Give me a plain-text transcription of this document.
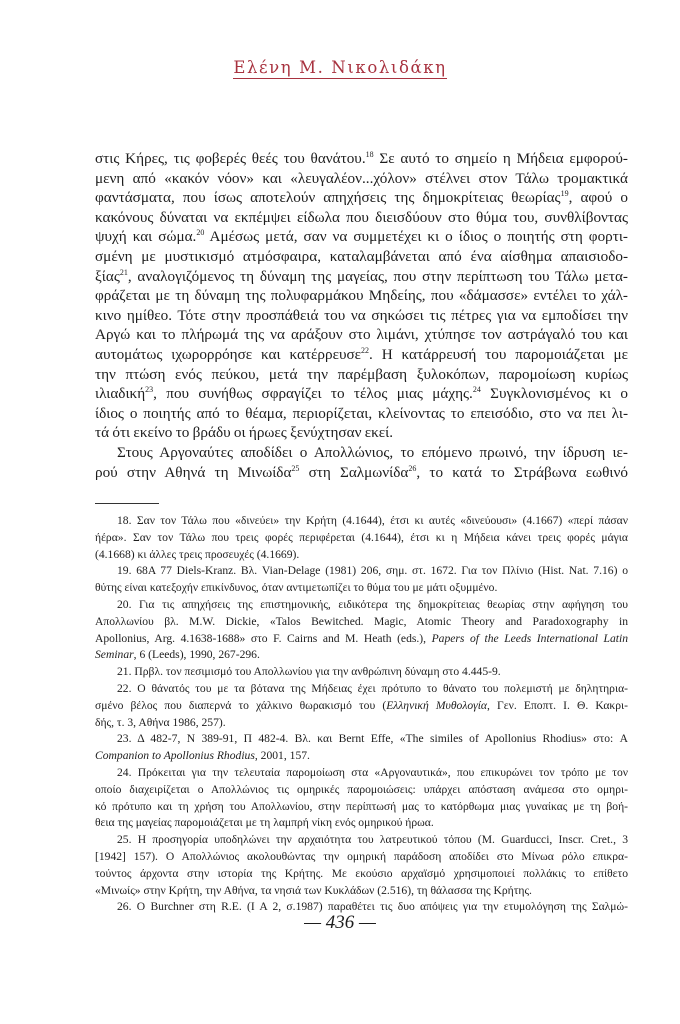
Ελένη Μ. Νικολιδάκη
στις Κήρες, τις φοβερές θεές του θανάτου.$^{18}$ Σε αυτό το σημείο η Μήδεια εμφορού-
μενη από «κακόν νόον» και «λευγαλέον...χόλον» στέλνει στον Τάλω τρομακτικά
φαντάσματα, που ίσως αποτελούν απηχήσεις της δημοκρίτειας θεωρίας$^{19}$, αφού ο
κακόνους δύναται να εκπέμψει είδωλα που διεισδύουν στο θύμα του, συνθλίβοντας
ψυχή και σώμα.$^{20}$ Αμέσως μετά, σαν να συμμετέχει κι ο ίδιος ο ποιητής στη φορτι-
σμένη με μυστικισμό ατμόσφαιρα, καταλαμβάνεται από ένα αίσθημα απαισιοδο-
ξίας$^{21}$, αναλογιζόμενος τη δύναμη της μαγείας, που στην περίπτωση του Τάλω μετα-
φράζεται με τη δύναμη της πολυφαρμάκου Μηδείης, που «δάμασσε» εντέλει το χάλ-
κινο ημίθεο. Τότε στην προσπάθειά του να σηκώσει τις πέτρες για να εμποδίσει την
Αργώ και το πλήρωμά της να αράξουν στο λιμάνι, χτύπησε τον αστράγαλό του και
αυτομάτως ιχωρορρόησε και κατέρρευσε$^{22}$. Η κατάρρευσή του παρομοιάζεται με
την πτώση ενός πεύκου, μετά την παρέμβαση ξυλοκόπων, παρομοίωση κυρίως
ιλιαδική$^{23}$, που συνήθως σφραγίζει το τέλος μιας μάχης.$^{24}$ Συγκλονισμένος κι ο
ίδιος ο ποιητής από το θέαμα, περιορίζεται, κλείνοντας το επεισόδιο, στο να πει λι-
τά ότι εκείνο το βράδυ οι ήρωες ξενύχτησαν εκεί.
Στους Αργοναύτες αποδίδει ο Απολλώνιος, το επόμενο πρωινό, την ίδρυση ιε-
ρού στην Αθηνά τη Μινωίδα$^{25}$ στη Σαλμωνίδα$^{26}$, το κατά το Στράβωνα εωθινό
18. Σαν τον Τάλω που «δινεύει» την Κρήτη (4.1644), έτσι κι αυτές «δινεύουσι» (4.1667) «περί πάσαν
ήέρα». Σαν τον Τάλω που τρεις φορές περιφέρεται (4.1644), έτσι κι η Μήδεια κάνει τρεις φορές μάγια
(4.1668) κι άλλες τρεις προσευχές (4.1669).
19. 68A 77 Diels-Kranz. Βλ. Vian-Delage (1981) 206, σημ. στ. 1672. Για τον Πλίνιο (Hist. Nat. 7.16) ο
θύτης είναι κατεξοχήν επικίνδυνος, όταν αντιμετωπίζει το θύμα του με μάτι οξυμμένο.
20. Για τις απηχήσεις της επιστημονικής, ειδικότερα της δημοκρίτειας θεωρίας στην αφήγηση του
Απολλωνίου βλ. M.W. Dickie, «Talos Bewitched. Magic, Atomic Theory and Paradoxography in
Apollonius, Arg. 4.1638-1688» στο F. Cairns and M. Heath (eds.), Papers of the Leeds International Latin
Seminar, 6 (Leeds), 1990, 267-296.
21. Πρβλ. τον πεσιμισμό του Απολλωνίου για την ανθρώπινη δύναμη στο 4.445-9.
22. Ο θάνατός του με τα βότανα της Μήδειας έχει πρότυπο το θάνατο του πολεμιστή με δηλητηρια-
σμένο βέλος που διαπερνά το χάλκινο θωρακισμό του (Ελληνική Μυθολογία, Γεν. Εποπτ. Ι. Θ. Κακρι-
δής, τ. 3, Αθήνα 1986, 257).
23. Δ 482-7, Ν 389-91, Π 482-4. Βλ. και Bernt Effe, «The similes of Apollonius Rhodius» στο: A
Companion to Apollonius Rhodius, 2001, 157.
24. Πρόκειται για την τελευταία παρομοίωση στα «Αργοναυτικά», που επικυρώνει τον τρόπο με τον
οποίο διαχειρίζεται ο Απολλώνιος τις ομηρικές παρομοιώσεις: υπάρχει απόσταση ανάμεσα στο ομηρι-
κό πρότυπο και τη χρήση του Απολλωνίου, στην περίπτωσή μας το κατόρθωμα μιας γυναίκας με τη βοή-
θεια της μαγείας παρομοιάζεται με τη λαμπρή νίκη ενός ομηρικού ήρωα.
25. Η προσηγορία υποδηλώνει την αρχαιότητα του λατρευτικού τόπου (M. Guarducci, Inscr. Cret., 3
[1942] 157). Ο Απολλώνιος ακολουθώντας την ομηρική παράδοση αποδίδει στο Μίνωα ρόλο επικρα-
τούντος άρχοντα στην ιστορία της Κρήτης. Με εκούσιο αρχαϊσμό χρησιμοποιεί πολλάκις το επίθετο
«Μινωίς» στην Κρήτη, την Αθήνα, τα νησιά των Κυκλάδων (2.516), τη θάλασσα της Κρήτης.
26. Ο Burchner στη R.E. (I A 2, σ.1987) παραθέτει τις δυο απόψεις για την ετυμολόγηση της Σαλμώ-
— 436 —
